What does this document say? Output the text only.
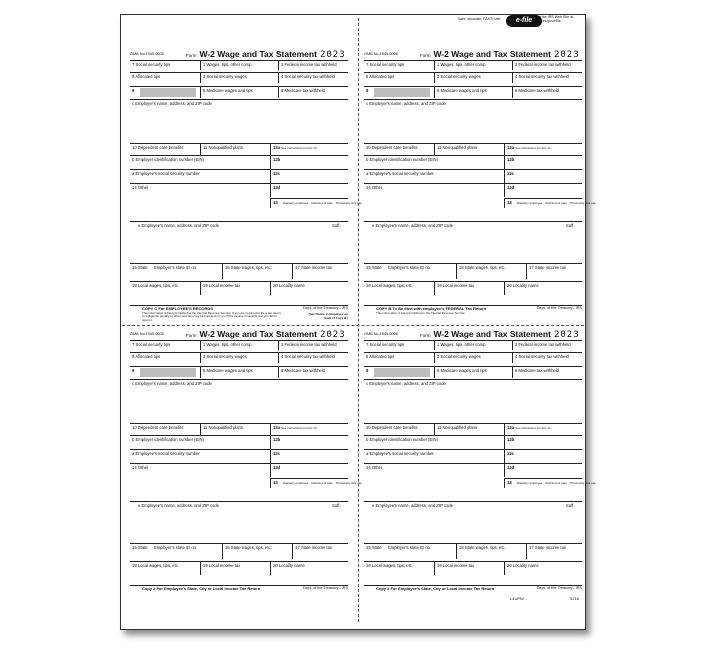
Safe, accurate, FAST! Use	e-file Visit the IRS Web Site at www.irs.gov/efile.
OMB No.1545-0008	Form W-2 Wage and Tax Statement 2023
7 Social security tips	1 Wages, tips, other comp.	2 Federal income tax withheld
8 Allocated tips	3 Social security wages	4 Social security tax withheld
9	5 Medicare wages and tips	6 Medicare tax withheld
c Employer's name, address, and ZIP code
10 Dependent care benefits	11 Nonqualified plans	12a See instructions for box 12
b Employer identification number (EIN)	12b
a Employee's social security number	12c
14 Other	12d
13 Statutory employee Retirement plan Third-party sick pay
e Employee's name, address, and ZIP code	Suff.
15 State	Employer's state ID no.	16 State wages, tips, etc.	17 State income tax
18 Local wages, tips, etc.	19 Local income tax	20 Locality name
COPY C For EMPLOYEE'S RECORDS	Dept. of the Treasury - IRS
This information is being furnished to the Internal Revenue Service. If you are required to file a tax return, a negligence penalty or other sanction may be imposed on you if this income is taxable and you fail to report it.
(See Notice to Employee on back of Copy B.)
OMB No.1545-0008	Form W-2 Wage and Tax Statement 2023
7 Social security tips	1 Wages, tips, other comp.	2 Federal income tax withheld
8 Allocated tips	3 Social security wages	4 Social security tax withheld
9	5 Medicare wages and tips	6 Medicare tax withheld
c Employer's name, address, and ZIP code
10 Dependent care benefits	11 Nonqualified plans	12a See instructions for box 12
b Employer identification number (EIN)	12b
a Employee's social security number	12c
14 Other	12d
13 Statutory employee Retirement plan Third-party sick pay
e Employee's name, address, and ZIP code	Suff.
15 State	Employer's state ID no.	16 State wages, tips, etc.	17 State income tax
18 Local wages, tips, etc.	19 Local income tax	20 Locality name
COPY B To Be filed with employee's FEDERAL Tax Return	Dept. of the Treasury - IRS
This information is being furnished to the Internal Revenue Service
OMB No.1545-0008	Form W-2 Wage and Tax Statement 2023
7 Social security tips	1 Wages, tips, other comp.	2 Federal income tax withheld
8 Allocated tips	3 Social security wages	4 Social security tax withheld
9	5 Medicare wages and tips	6 Medicare tax withheld
c Employer's name, address, and ZIP code
10 Dependent care benefits	11 Nonqualified plans	12a See instructions for box 12
b Employer identification number (EIN)	12b
a Employee's social security number	12c
14 Other	12d
13 Statutory employee Retirement plan Third-party sick pay
e Employee's name, address, and ZIP code	Suff.
15 State	Employer's state ID no.	16 State wages, tips, etc.	17 State income tax
18 Local wages, tips, etc.	19 Local income tax	20 Locality name
Copy 2 For Employee's State, City or Local Income Tax Return	Dept. of the Treasury - IRS
OMB No.1545-0008	Form W-2 Wage and Tax Statement 2023
7 Social security tips	1 Wages, tips, other comp.	2 Federal income tax withheld
8 Allocated tips	3 Social security wages	4 Social security tax withheld
9	5 Medicare wages and tips	6 Medicare tax withheld
c Employer's name, address, and ZIP code
10 Dependent care benefits	11 Nonqualified plans	12a See instructions for box 12
b Employer identification number (EIN)	12b
a Employee's social security number	12c
14 Other	12d
13 Statutory employee Retirement plan Third-party sick pay
e Employee's name, address, and ZIP code	Suff.
15 State	Employer's state ID no.	16 State wages, tips, etc.	17 State income tax
18 Local wages, tips, etc.	19 Local income tax	20 Locality name
Copy 2 For Employee's State, City or Local Income Tax Return	Dept. of the Treasury - IRS
L4UPW	5216
